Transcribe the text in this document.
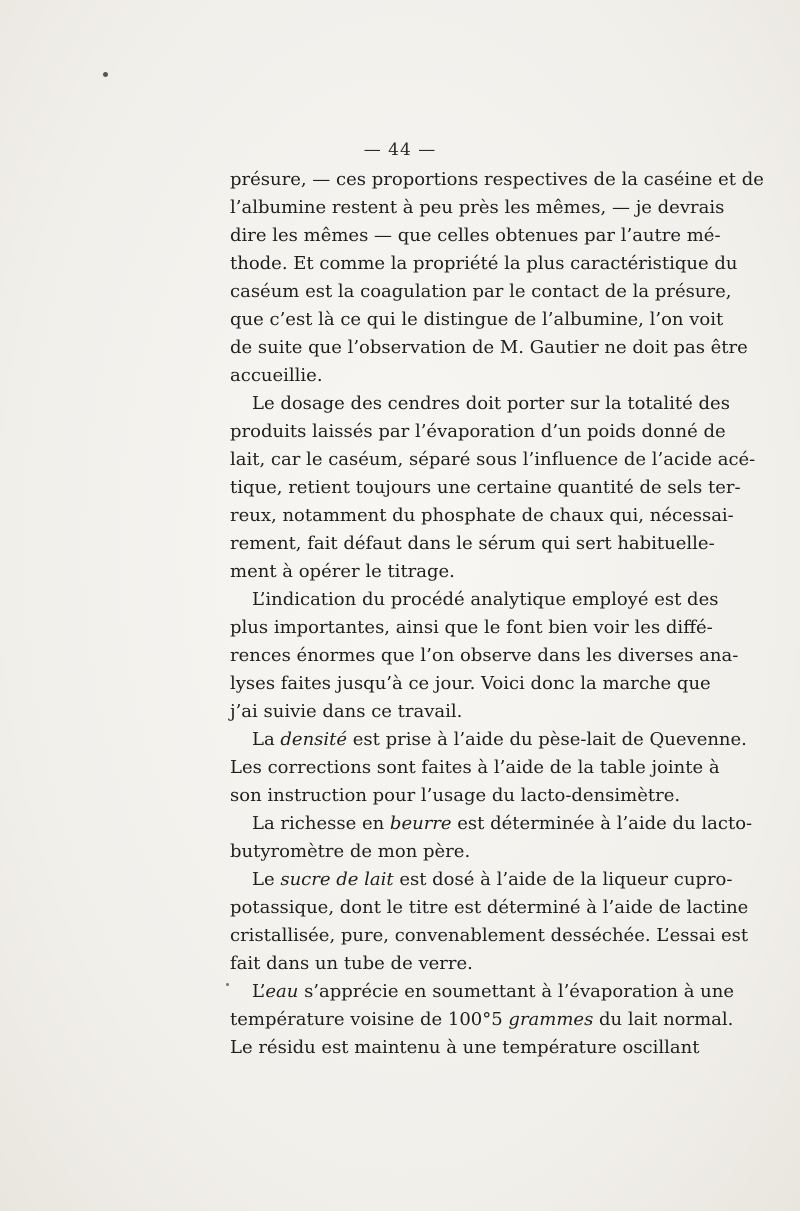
— 44 —
présure, — ces proportions respectives de la caséine et de
l’albumine restent à peu près les mêmes, — je devrais
dire les mêmes — que celles obtenues par l’autre mé-
thode. Et comme la propriété la plus caractéristique du
caséum est la coagulation par le contact de la présure,
que c’est là ce qui le distingue de l’albumine, l’on voit
de suite que l’observation de M. Gautier ne doit pas être
accueillie.
Le dosage des cendres doit porter sur la totalité des
produits laissés par l’évaporation d’un poids donné de
lait, car le caséum, séparé sous l’influence de l’acide acé-
tique, retient toujours une certaine quantité de sels ter-
reux, notamment du phosphate de chaux qui, nécessai-
rement, fait défaut dans le sérum qui sert habituelle-
ment à opérer le titrage.
L’indication du procédé analytique employé est des
plus importantes, ainsi que le font bien voir les diffé-
rences énormes que l’on observe dans les diverses ana-
lyses faites jusqu’à ce jour. Voici donc la marche que
j’ai suivie dans ce travail.
La densité est prise à l’aide du pèse-lait de Quevenne.
Les corrections sont faites à l’aide de la table jointe à
son instruction pour l’usage du lacto-densimètre.
La richesse en beurre est déterminée à l’aide du lacto-
butyromètre de mon père.
Le sucre de lait est dosé à l’aide de la liqueur cupro-
potassique, dont le titre est déterminé à l’aide de lactine
cristallisée, pure, convenablement desséchée. L’essai est
fait dans un tube de verre.
L’eau s’apprécie en soumettant à l’évaporation à une
température voisine de 100°5 grammes du lait normal.
Le résidu est maintenu à une température oscillant
